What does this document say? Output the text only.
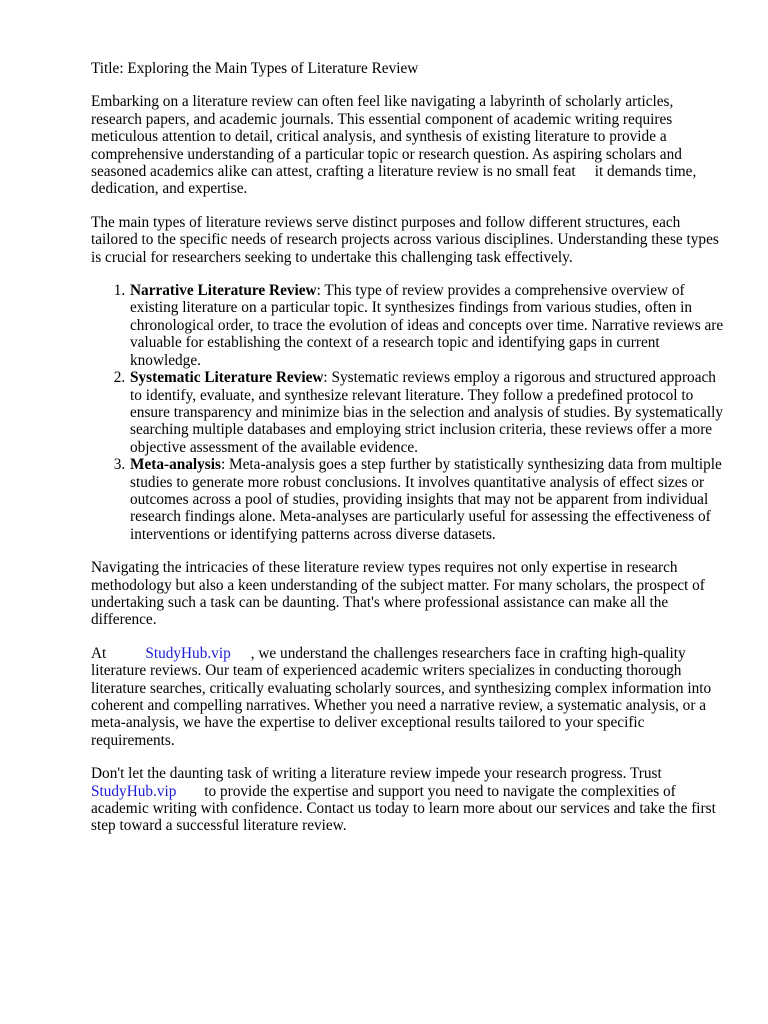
Title: Exploring the Main Types of Literature Review

Embarking on a literature review can often feel like navigating a labyrinth of scholarly articles, research papers, and academic journals. This essential component of academic writing requires meticulous attention to detail, critical analysis, and synthesis of existing literature to provide a comprehensive understanding of a particular topic or research question. As aspiring scholars and seasoned academics alike can attest, crafting a literature review is no small feat     it demands time, dedication, and expertise.

The main types of literature reviews serve distinct purposes and follow different structures, each tailored to the specific needs of research projects across various disciplines. Understanding these types is crucial for researchers seeking to undertake this challenging task effectively.

1. Narrative Literature Review: This type of review provides a comprehensive overview of existing literature on a particular topic. It synthesizes findings from various studies, often in chronological order, to trace the evolution of ideas and concepts over time. Narrative reviews are valuable for establishing the context of a research topic and identifying gaps in current knowledge.
2. Systematic Literature Review: Systematic reviews employ a rigorous and structured approach to identify, evaluate, and synthesize relevant literature. They follow a predefined protocol to ensure transparency and minimize bias in the selection and analysis of studies. By systematically searching multiple databases and employing strict inclusion criteria, these reviews offer a more objective assessment of the available evidence.
3. Meta-analysis: Meta-analysis goes a step further by statistically synthesizing data from multiple studies to generate more robust conclusions. It involves quantitative analysis of effect sizes or outcomes across a pool of studies, providing insights that may not be apparent from individual research findings alone. Meta-analyses are particularly useful for assessing the effectiveness of interventions or identifying patterns across diverse datasets.

Navigating the intricacies of these literature review types requires not only expertise in research methodology but also a keen understanding of the subject matter. For many scholars, the prospect of undertaking such a task can be daunting. That's where professional assistance can make all the difference.

At	StudyHub.vip , we understand the challenges researchers face in crafting high-quality literature reviews. Our team of experienced academic writers specializes in conducting thorough literature searches, critically evaluating scholarly sources, and synthesizing complex information into coherent and compelling narratives. Whether you need a narrative review, a systematic analysis, or a meta-analysis, we have the expertise to deliver exceptional results tailored to your specific requirements.

Don't let the daunting task of writing a literature review impede your research progress. Trust StudyHub.vip to provide the expertise and support you need to navigate the complexities of academic writing with confidence. Contact us today to learn more about our services and take the first step toward a successful literature review.
